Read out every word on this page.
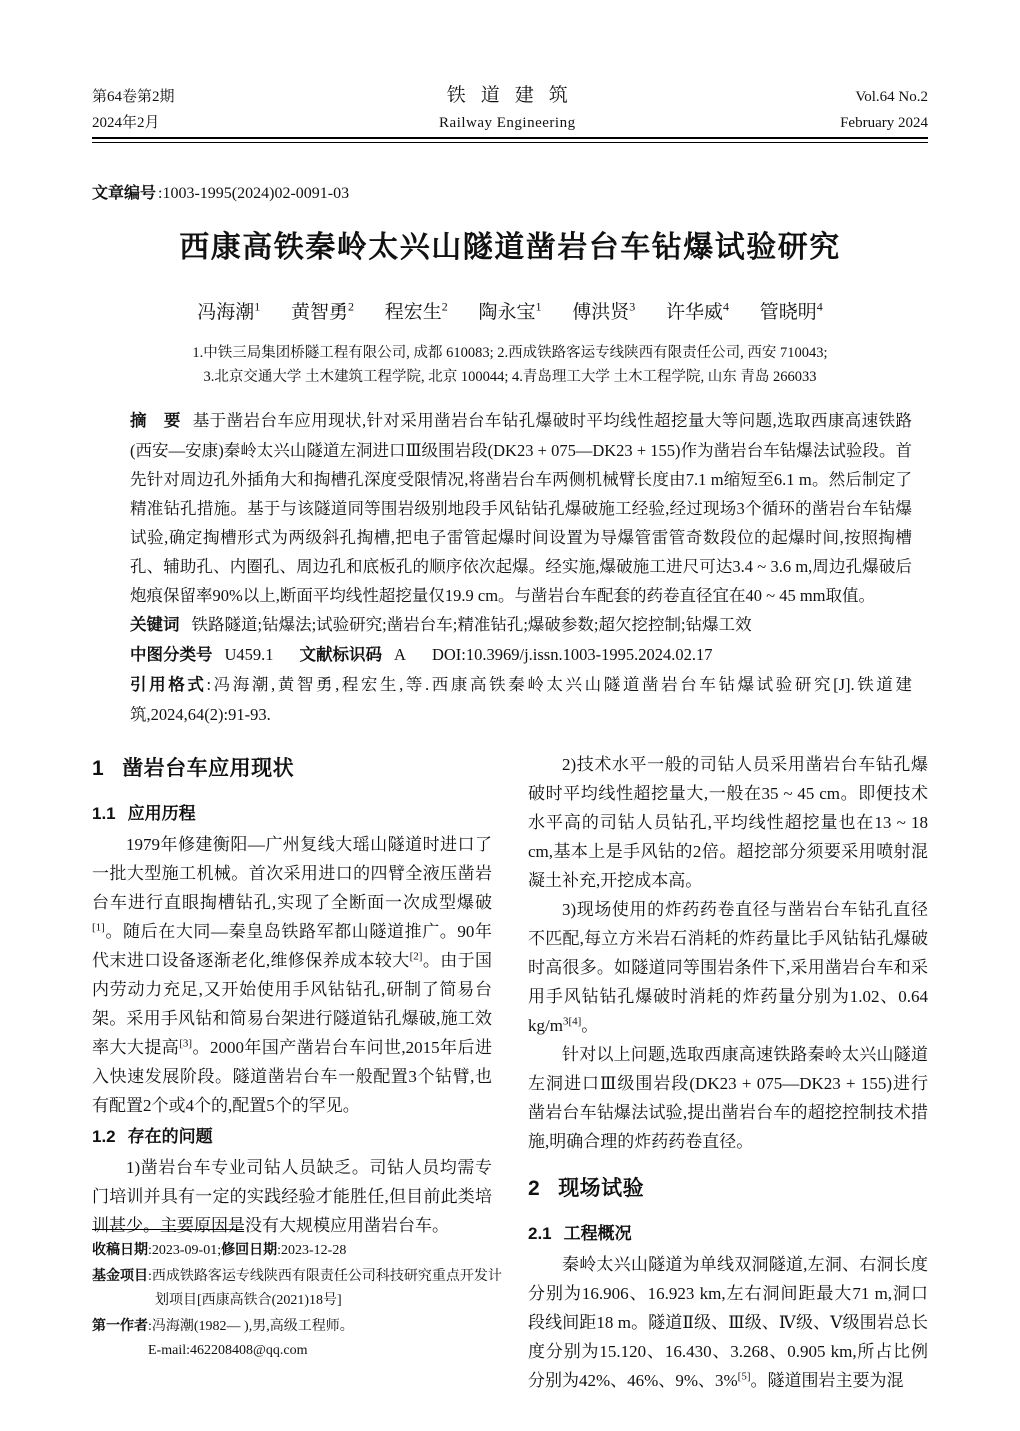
第64卷第2期
2024年2月
铁道建筑
Railway Engineering
Vol.64 No.2
February 2024
文章编号 :1003-1995(2024)02-0091-03
西康高铁秦岭太兴山隧道凿岩台车钻爆试验研究
冯海潮$^1$ 黄智勇$^2$ 程宏生$^2$ 陶永宝$^1$ 傅洪贤$^3$ 许华威$^4$ 管晓明$^4$
1.中铁三局集团桥隧工程有限公司, 成都 610083; 2.西成铁路客运专线陕西有限责任公司, 西安 710043;
3.北京交通大学 土木建筑工程学院, 北京 100044; 4.青岛理工大学 土木工程学院, 山东 青岛 266033

摘　要 基于凿岩台车应用现状,针对采用凿岩台车钻孔爆破时平均线性超挖量大等问题,选取西康高速铁路(西安—安康)秦岭太兴山隧道左洞进口Ⅲ级围岩段(DK23 + 075—DK23 + 155)作为凿岩台车钻爆法试验段。首先针对周边孔外插角大和掏槽孔深度受限情况,将凿岩台车两侧机械臂长度由7.1 m缩短至6.1 m。然后制定了精准钻孔措施。基于与该隧道同等围岩级别地段手风钻钻孔爆破施工经验,经过现场3个循环的凿岩台车钻爆试验,确定掏槽形式为两级斜孔掏槽,把电子雷管起爆时间设置为导爆管雷管奇数段位的起爆时间,按照掏槽孔、辅助孔、内圈孔、周边孔和底板孔的顺序依次起爆。经实施,爆破施工进尺可达3.4 ~ 3.6 m,周边孔爆破后炮痕保留率90%以上,断面平均线性超挖量仅19.9 cm。与凿岩台车配套的药卷直径宜在40 ~ 45 mm取值。

关键词 铁路隧道;钻爆法;试验研究;凿岩台车;精准钻孔;爆破参数;超欠挖控制;钻爆工效

中图分类号 U459.1 文献标识码 A DOI:10.3969/j.issn.1003-1995.2024.02.17

引用格式:冯海潮,黄智勇,程宏生,等.西康高铁秦岭太兴山隧道凿岩台车钻爆试验研究[J].铁道建筑,2024,64(2):91-93.

1 凿岩台车应用现状
1.1 应用历程

1979年修建衡阳—广州复线大瑶山隧道时进口了一批大型施工机械。首次采用进口的四臂全液压凿岩台车进行直眼掏槽钻孔,实现了全断面一次成型爆破[1]。随后在大同—秦皇岛铁路军都山隧道推广。90年代末进口设备逐渐老化,维修保养成本较大[2]。由于国内劳动力充足,又开始使用手风钻钻孔,研制了简易台架。采用手风钻和简易台架进行隧道钻孔爆破,施工效率大大提高[3]。2000年国产凿岩台车问世,2015年后进入快速发展阶段。隧道凿岩台车一般配置3个钻臂,也有配置2个或4个的,配置5个的罕见。

1.2 存在的问题

1)凿岩台车专业司钻人员缺乏。司钻人员均需专门培训并具有一定的实践经验才能胜任,但目前此类培训甚少。主要原因是没有大规模应用凿岩台车。

2)技术水平一般的司钻人员采用凿岩台车钻孔爆破时平均线性超挖量大,一般在35 ~ 45 cm。即便技术水平高的司钻人员钻孔,平均线性超挖量也在13 ~ 18 cm,基本上是手风钻的2倍。超挖部分须要采用喷射混凝土补充,开挖成本高。

3)现场使用的炸药药卷直径与凿岩台车钻孔直径不匹配,每立方米岩石消耗的炸药量比手风钻钻孔爆破时高很多。如隧道同等围岩条件下,采用凿岩台车和采用手风钻钻孔爆破时消耗的炸药量分别为1.02、0.64 kg/m$^{3[4]}$。

针对以上问题,选取西康高速铁路秦岭太兴山隧道左洞进口Ⅲ级围岩段(DK23 + 075—DK23 + 155)进行凿岩台车钻爆法试验,提出凿岩台车的超挖控制技术措施,明确合理的炸药药卷直径。

2 现场试验
2.1 工程概况

秦岭太兴山隧道为单线双洞隧道,左洞、右洞长度分别为16.906、16.923 km,左右洞间距最大71 m,洞口段线间距18 m。隧道Ⅱ级、Ⅲ级、Ⅳ级、Ⅴ级围岩总长度分别为15.120、16.430、3.268、0.905 km,所占比例分别为42%、46%、9%、3%[5]。隧道围岩主要为混

收稿日期:2023-09-01;修回日期:2023-12-28

基金项目:西成铁路客运专线陕西有限责任公司科技研究重点开发计划项目[西康高铁合(2021)18号]

第一作者:冯海潮(1982— ),男,高级工程师。

E-mail:462208408@qq.com
